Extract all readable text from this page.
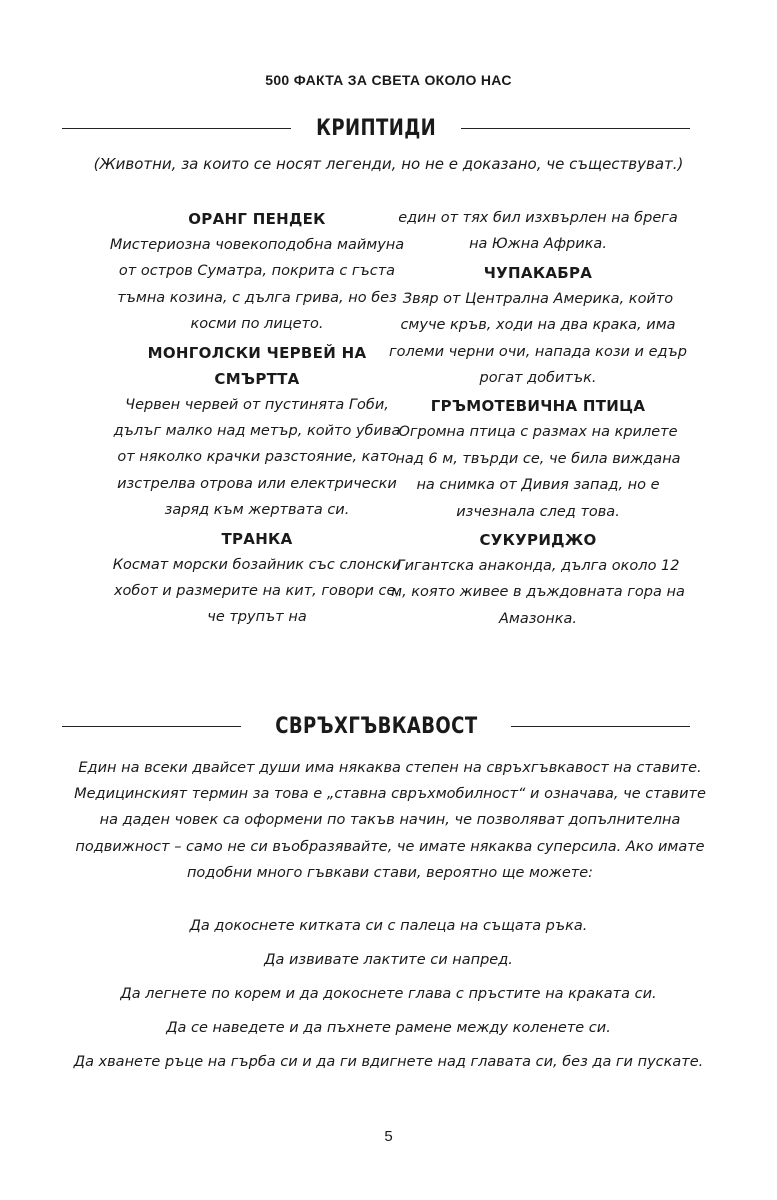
500 ФАКТА ЗА СВЕТА ОКОЛО НАС
КРИПТИДИ
(Животни, за които се носят легенди, но не е доказано, че съществуват.)
ОРАНГ ПЕНДЕК
Мистериозна човекоподобна маймуна от остров Суматра, покрита с гъста тъмна козина, с дълга грива, но без косми по лицето.
МОНГОЛСКИ ЧЕРВЕЙ НА СМЪРТТА
Червен червей от пустинята Гоби, дълъг малко над метър, който убива от няколко крачки разстояние, като изстрелва отрова или електрически заряд към жертвата си.
ТРАНКА
Космат морски бозайник със слонски хобот и размерите на кит, говори се, че трупът на
един от тях бил изхвърлен на брега на Южна Африка.
ЧУПАКАБРА
Звяр от Централна Америка, който смуче кръв, ходи на два крака, има големи черни очи, напада кози и едър рогат добитък.
ГРЪМОТЕВИЧНА ПТИЦА
Огромна птица с размах на крилете над 6 м, твърди се, че била виждана на снимка от Дивия запад, но е изчезнала след това.
СУКУРИДЖО
Гигантска анаконда, дълга около 12 м, която живее в дъждовната гора на Амазонка.
СВРЪХГЪВКАВОСТ
Един на всеки двайсет души има някаква степен на свръхгъвкавост на ставите. Медицинският термин за това е „ставна свръхмобилност“ и означава, че ставите на даден човек са оформени по такъв начин, че позволяват допълнителна подвижност – само не си въобразявайте, че имате някаква суперсила. Ако имате подобни много гъвкави стави, вероятно ще можете:
Да докоснете китката си с палеца на същата ръка.
Да извивате лактите си напред.
Да легнете по корем и да докоснете глава с пръстите на краката си.
Да се наведете и да пъхнете рамене между коленете си.
Да хванете ръце на гърба си и да ги вдигнете над главата си, без да ги пускате.
5
